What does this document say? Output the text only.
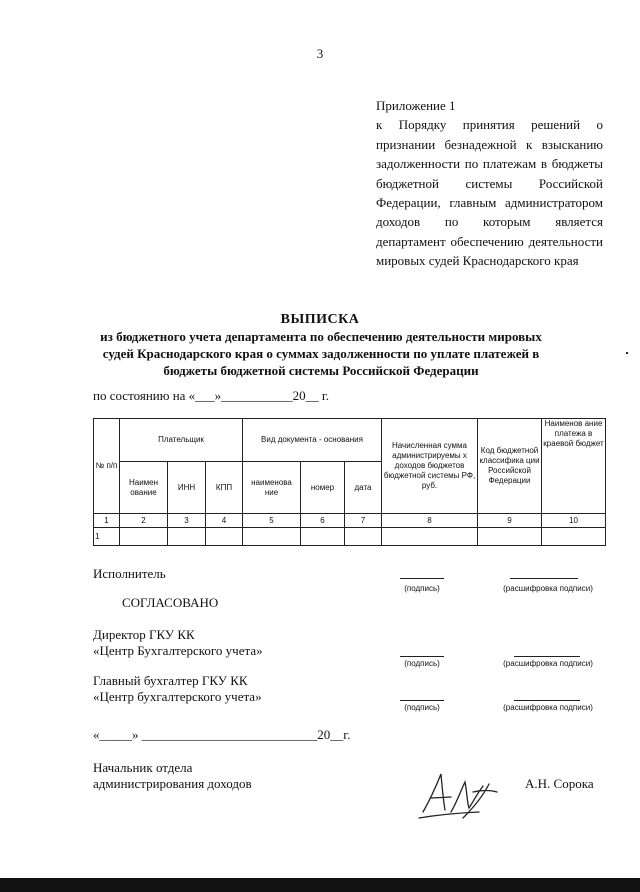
3
Приложение 1
к Порядку принятия решений о признании безнадежной к взысканию задолженности по платежам в бюджеты бюджетной системы Российской Федерации, главным администратором доходов по которым является департамент обеспечению деятельности мировых судей Краснодарского края
ВЫПИСКА
из бюджетного учета департамента по обеспечению деятельности мировых судей Краснодарского края о суммах задолженности по уплате платежей в бюджеты бюджетной системы Российской Федерации
по состоянию на «___»___________20__ г.
№ п/п	Плательщик			Вид документа - основания			Начисленная сумма администрируемы х доходов бюджетов бюджетной системы РФ, руб.	Код бюджетной классифика ции Российской Федерации	Наименов ание платежа в краевой бюджет
	Наимен ование	ИНН	КПП	наименова ние	номер	дата			
1	2	3	4	5	6	7	8	9	10
1									
Исполнитель
(подпись)	(расшифровка подписи)
СОГЛАСОВАНО
Директор ГКУ КК
«Центр Бухгалтерского учета»
(подпись)	(расшифровка подписи)
Главный бухгалтер ГКУ КК
«Центр бухгалтерского учета»
(подпись)	(расшифровка подписи)
«_____» ___________________________20__г.
Начальник отдела
администрирования доходов	А.Н. Сорока
